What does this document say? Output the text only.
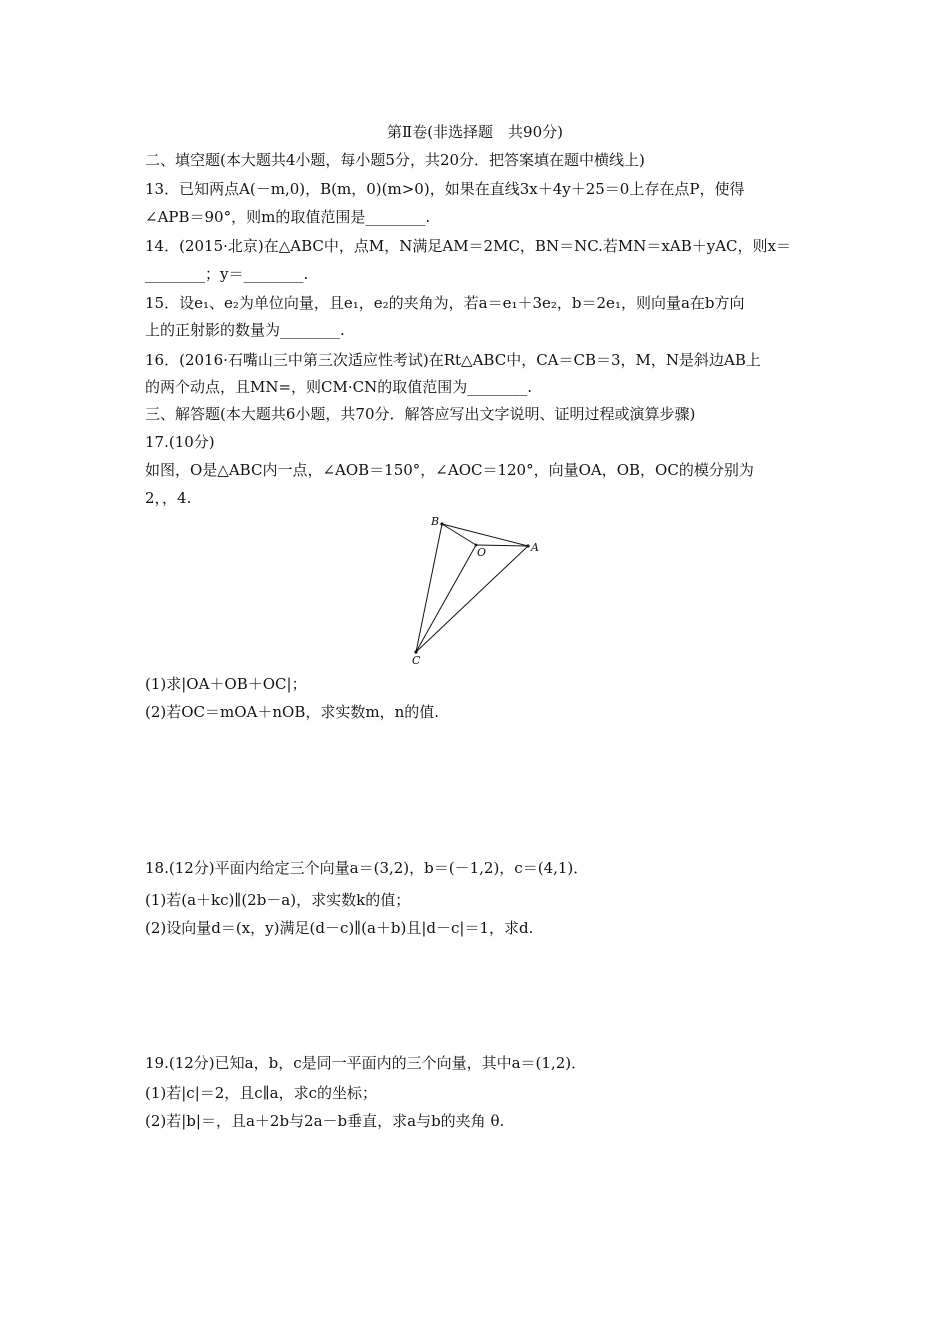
第Ⅱ卷(非选择题　共90分)
二、填空题(本大题共4小题，每小题5分，共20分．把答案填在题中横线上)
13．已知两点A(－m,0)，B(m，0)(m>0)，如果在直线3x＋4y＋25＝0上存在点P，使得
∠APB＝90°，则m的取值范围是________.
14．(2015·北京)在△ABC中，点M，N满足AM＝2MC，BN＝NC.若MN＝xAB＋yAC，则x＝
________；y＝________.
15．设e₁、e₂为单位向量，且e₁，e₂的夹角为，若a＝e₁＋3e₂，b＝2e₁，则向量a在b方向
上的正射影的数量为________.
16．(2016·石嘴山三中第三次适应性考试)在Rt△ABC中，CA＝CB＝3，M，N是斜边AB上
的两个动点，且MN=，则CM·CN的取值范围为________.
三、解答题(本大题共6小题，共70分．解答应写出文字说明、证明过程或演算步骤)
17.(10分)
如图，O是△ABC内一点，∠AOB＝150°，∠AOC＝120°，向量OA，OB，OC的模分别为
2，，4.
B
A
C
O
(1)求|OA＋OB＋OC|；
(2)若OC＝mOA＋nOB，求实数m，n的值.
18.(12分)平面内给定三个向量a＝(3,2)，b＝(－1,2)，c＝(4,1)．
(1)若(a＋kc)∥(2b－a)，求实数k的值；
(2)设向量d＝(x，y)满足(d－c)∥(a＋b)且|d－c|＝1，求d.
19.(12分)已知a，b，c是同一平面内的三个向量，其中a＝(1,2)．
(1)若|c|＝2，且c∥a，求c的坐标；
(2)若|b|＝，且a＋2b与2a－b垂直，求a与b的夹角 θ.
